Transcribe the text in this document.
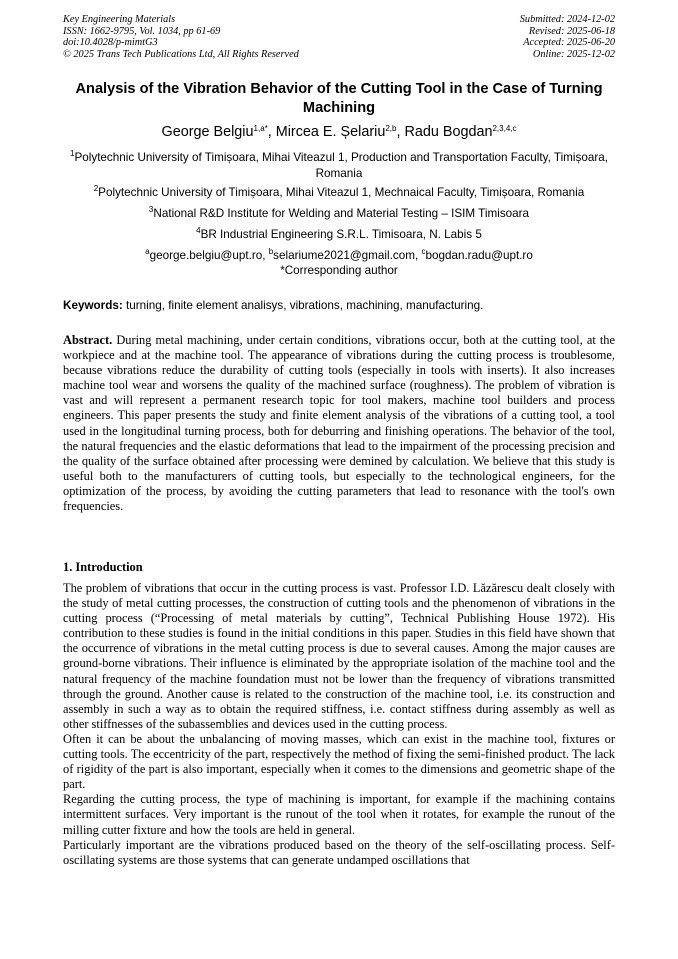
Key Engineering Materials
ISSN: 1662-9795, Vol. 1034, pp 61-69
doi:10.4028/p-mimtG3
© 2025 Trans Tech Publications Ltd, All Rights Reserved
Submitted: 2024-12-02
Revised: 2025-06-18
Accepted: 2025-06-20
Online: 2025-12-02
Analysis of the Vibration Behavior of the Cutting Tool in the Case of Turning Machining
George Belgiu$^{1,a*}$, Mircea E. Șelariu$^{2,b}$, Radu Bogdan$^{2,3,4,c}$
$^1$Polytechnic University of Timișoara, Mihai Viteazul 1, Production and Transportation Faculty, Timișoara, Romania
$^2$Polytechnic University of Timișoara, Mihai Viteazul 1, Mechnaical Faculty, Timișoara, Romania
$^3$National R&D Institute for Welding and Material Testing – ISIM Timisoara
$^4$BR Industrial Engineering S.R.L. Timisoara, N. Labis 5
$^a$george.belgiu@upt.ro, $^b$selariume2021@gmail.com, $^c$bogdan.radu@upt.ro
*Corresponding author
Keywords: turning, finite element analisys, vibrations, machining, manufacturing.
Abstract. During metal machining, under certain conditions, vibrations occur, both at the cutting tool, at the workpiece and at the machine tool. The appearance of vibrations during the cutting process is troublesome, because vibrations reduce the durability of cutting tools (especially in tools with inserts). It also increases machine tool wear and worsens the quality of the machined surface (roughness). The problem of vibration is vast and will represent a permanent research topic for tool makers, machine tool builders and process engineers. This paper presents the study and finite element analysis of the vibrations of a cutting tool, a tool used in the longitudinal turning process, both for deburring and finishing operations. The behavior of the tool, the natural frequencies and the elastic deformations that lead to the impairment of the processing precision and the quality of the surface obtained after processing were demined by calculation. We believe that this study is useful both to the manufacturers of cutting tools, but especially to the technological engineers, for the optimization of the process, by avoiding the cutting parameters that lead to resonance with the tool's own frequencies.
1. Introduction

The problem of vibrations that occur in the cutting process is vast. Professor I.D. Lăzărescu dealt closely with the study of metal cutting processes, the construction of cutting tools and the phenomenon of vibrations in the cutting process (“Processing of metal materials by cutting”, Technical Publishing House 1972). His contribution to these studies is found in the initial conditions in this paper. Studies in this field have shown that the occurrence of vibrations in the metal cutting process is due to several causes. Among the major causes are ground-borne vibrations. Their influence is eliminated by the appropriate isolation of the machine tool and the natural frequency of the machine foundation must not be lower than the frequency of vibrations transmitted through the ground. Another cause is related to the construction of the machine tool, i.e. its construction and assembly in such a way as to obtain the required stiffness, i.e. contact stiffness during assembly as well as other stiffnesses of the subassemblies and devices used in the cutting process.

Often it can be about the unbalancing of moving masses, which can exist in the machine tool, fixtures or cutting tools. The eccentricity of the part, respectively the method of fixing the semi-finished product. The lack of rigidity of the part is also important, especially when it comes to the dimensions and geometric shape of the part.

Regarding the cutting process, the type of machining is important, for example if the machining contains intermittent surfaces. Very important is the runout of the tool when it rotates, for example the runout of the milling cutter fixture and how the tools are held in general.

Particularly important are the vibrations produced based on the theory of the self-oscillating process. Self-oscillating systems are those systems that can generate undamped oscillations that
